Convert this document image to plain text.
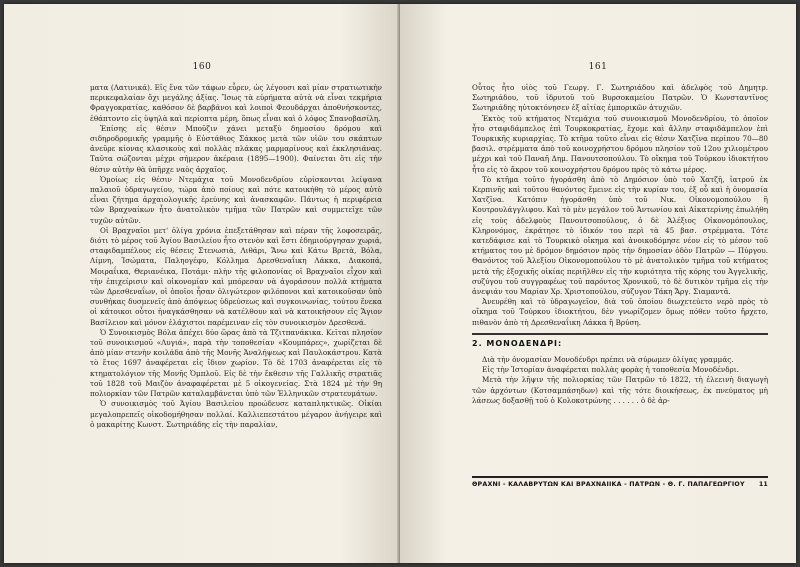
160

ματα (Λατινικά). Εἰς ἕνα τῶν τάφων εὗρεν, ὡς λέγουσι καὶ μίαν στρατιωτικὴν περικεφαλαίαν ὄχι μεγάλης ἀξίας. Ἴσως τὰ εὑρήματα αὐτὰ νὰ εἶναι τεκμήρια Φραγγοκρατίας, καθόσον δὲ βαρβάνοι καὶ λοιποὶ Φεουδάρχαι ἀποθνήσκοντες, ἐθάπτοντο εἰς ὑψηλὰ καὶ περίοπτα μέρη, ὅπως εἶναι καὶ ὁ λόφος Σπανοβασίλη.

Ἐπίσης εἰς θέσιν Μποῦζιν χάνει μεταξὺ δημοσίου δρόμου καὶ σιδηροδρομικῆς γραμμῆς ὁ Εὐστάθιος Σάκκος μετὰ τῶν υἱῶν του σκάπτων ἀνεῦρε κίονας κλασικοὺς καὶ πολλὰς πλάκας μαρμαρίνους καὶ ἐκκλησιάνας. Ταῦτα σώζονται μέχρι σήμερον ἀκέραια (1895—1900). Φαίνεται ὅτι εἰς τὴν θέσιν αὐτὴν θὰ ὑπῆρχε ναὸς ἀρχαῖος.

Ὁμοίως εἰς θέσιν Ντεμάχια τοῦ Μονοδενδρίου εὑρίσκονται λείψανα παλαιοῦ ὑδραγωγείου, τώρα ἀπὸ ποίους καὶ πότε κατοικήθη τὸ μέρος αὐτὸ εἶναι ζήτημα ἀρχαιολογικῆς ἐρεύνης καὶ ἀνασκαφῶν. Πάντως ἡ περιφέρεια τῶν Βραχναίκων ἦτο ἀνατολικὸν τμῆμα τῶν Πατρῶν καὶ συμμετεῖχε τῶν τυχῶν αὐτῶν.

Οἱ Βραχναῖοι μετ' ὀλίγα χρόνια ἐπεξετάθησαν καὶ πέραν τῆς λοφοσειρᾶς, διότι τὸ μέρος τοῦ Ἁγίου Βασιλείου ἦτο στενὸν καὶ ἔστι ἐδημιούργησαν χωριά, σταφιδαμπέλους εἰς θέσεις Στενωσιὰ, Λιθάρι, Ἄνω καὶ Κάτω Βρετὰ, Βόλα, Λίμνη, Ἰσώματα, Παληογέφυ, Κόλλημα Δρεσθεναΐικη Λάκκα, Διακοπά, Μοιραΐικα, Θεριανέικα, Ποτάμι· πλὴν τῆς φιλοπονίας οἱ Βραχναῖοι εἶχον καὶ τὴν ἐπιχείρισιν καὶ οἰκονομίαν καὶ μπόρεσαν νὰ ἀγοράσουν πολλὰ κτήματα τῶν Δρεσθεναΐων, οἱ ὁποῖοι ἦσαν ὀλιγώτερον φιλόπονοι καὶ κατοικοῦσαν ὑπὸ συνθήκας δυσμενεῖς ἀπὸ ἀπόψεως ὑδρεύσεως καὶ συγκοινωνίας, τούτου ἕνεκα οἱ κάτοικοι οὗτοι ἠναγκάσθησαν νὰ κατέλθουν καὶ νὰ κατοικήσουν εἰς Ἅγιον Βασίλειον καὶ μόνον ἐλάχιστοι παρέμειναν εἰς τὸν συνοικισμὸν Δρεσθενά.

Ὁ Συνοικισμὸς Βόλα ἀπέχει δύο ὥρας ἀπὸ τὰ Τζιτπανάκικα. Κεῖται πλησίον τοῦ συνοικισμοῦ «Λυγιά», παρὰ τὴν τοποθεσίαν «Κουμπάρες», χωρίζεται δὲ ἀπὸ μίαν στενὴν κοιλάδα ἀπὸ τῆς Μονῆς Ἀναλήψεως καὶ Παυλοκάστρου. Κατὰ τὸ ἔτος 1697 ἀναφέρεται εἰς ἴδιον χωρίον. Τὸ δὲ 1703 ἀναφέρεται εἰς τὸ κτηματολόγιον τῆς Μονῆς Ὀμπλοῦ. Εἰς δὲ τὴν ἔκθεσιν τῆς Γαλλικῆς στρατιᾶς τοῦ 1828 τοῦ Μαιζὸν ἀναφαφέρεται μὲ 5 οἰκογενείας. Στὰ 1824 μὲ τὴν 9η πολιορκίαν τῶν Πατρῶν καταλαμβάνεται ὑπὸ τῶν Ἑλληνικῶν στρατευμάτων.

Ὁ συνοικισμὸς τοῦ Ἁγίου Βασιλείου προώδευσε καταπληκτικῶς. Οἰκίαι μεγαλοπρεπεῖς οἰκοδομήθησαν πολλαί. Καλλιεπεστάτου μέγαρον ἀνήγειρε καὶ ὁ μακαρίτης Κωνστ. Σωτηριάδης εἰς τὴν παραλίαν,

161

Οὗτος ἦτο υἱὸς τοῦ Γεωργ. Γ. Σωτηριάδου καὶ ἀδελφὸς τοῦ Δημητρ. Σωτηριάδου, τοῦ ἱδρυτοῦ τοῦ Βυρσοκαμείου Πατρῶν. Ὁ Κωνσταντῖνος Σωτηριάδης ηὐτοκτόνησεν ἐξ αἰτίας ἐμπορικῶν ἀτυχιῶν.

Ἐκτὸς τοῦ κτήματος Ντεμάχια τοῦ συνοικισμοῦ Μονοδενδρίου, τὸ ὁποῖον ἦτο σταφιδάμπελος ἐπὶ Τουρκοκρατίας, ἔχομε καὶ ἄλλην σταφιδάμπελον ἐπὶ Τουρκικῆς κυριαρχίας. Τὸ κτῆμα τοῦτο εἶναι εἰς θέσιν Χατζῖνα περίπου 70—80 βασιλ. στρέμματα ἀπὸ τοῦ κοινοχρήστου δρόμου πλησίον τοῦ 12ου χιλιομέτρου μέχρι καὶ τοῦ Παναῆ Δημ. Πανουτσοπούλου. Τὸ οἴκημα τοῦ Τούρκου ἰδιοκτήτου ἦτο εἰς τὸ ἄκρον τοῦ κοινοχρήστου δρόμου πρὸς τὸ κάτω μέρος.

Τὸ κτῆμα τοῦτο ἠγοράσθη ἀπὸ τὸ Δημόσιον ὑπὸ τοῦ Χατζῆ, ἰατροῦ ἐκ Κερπινῆς καὶ τοῦτου θανόντος ἔμεινε εἰς τὴν κυρίαν του, ἐξ οὗ καὶ ἡ ὀνομασία Χατζῖνα. Κατόπιν ἠγοράσθη ὑπὸ τοῦ Νικ. Οἰκονομοπούλου ἢ Κουτρουλάγγλιφου. Καὶ τὸ μὲν μεγάλον τοῦ Ἀντωνίου καὶ Αἰκατερίνης ἐπωλήθη εἰς τοὺς ἀδελφοὺς Πανουτσοπούλους, ὁ δὲ Ἀλέξιος Οἰκονομόπουλος, Κληρονόμος, ἐκράτησε τὸ ἰδικόν του περὶ τὰ 45 βασ. στρέμματα. Τότε κατεδάφισε καὶ τὸ Τουρκικὸ οἴκημα καὶ ἀνοικοδόμησε νέον εἰς τὸ μέσον τοῦ κτήματος του μὲ δρόμον δημόσιον πρὸς τὴν δημοσίαν ὁδὸν Πατρῶν — Πύργου. Θανόντος τοῦ Ἀλεξίου Οἰκονομοπούλου τὸ μὲ ἀνατολικὸν τμῆμα τοῦ κτήματος μετὰ τῆς ἐξοχικῆς οἰκίας περιῆλθεν εἰς τὴν κυριότητα τῆς κόρης του Ἀγγελικῆς, συζύγου τοῦ συγγραφέως τοῦ παρόντος Χρονικοῦ, τὸ δὲ δυτικὸν τμῆμα εἰς τὴν ἀνεψιάν του Μαρίαν Χρ. Χριστοπούλου, σύζυγον Τάκη Ἄργ. Σιαμαντᾶ.

Ἀνευρέθη καὶ τὸ ὑδραγωγεῖον, διὰ τοῦ ὁποίου διωχετεύετο νερὸ πρὸς τὸ οἴκημα τοῦ Τούρκου ἰδιοκτήτου, δὲν γνωρίζομεν ὅμως πόθεν τοῦτο ἤρχετο, πιθανὸν ἀπὸ τὴ Δρεσθεναΐικη Λάκκα ἢ Βρύση.

2. ΜΟΝΟΔΕΝΔΡΙ:

Διὰ τὴν ὀνομασίαν Μονοδένδρι πρέπει νὰ σύρωμεν ὀλίγας γραμμάς.

Εἰς τὴν Ἱστορίαν ἀναφέρεται πολλὰς φορὰς ἡ τοποθεσία Μονοδένδρι.

Μετὰ τὴν λῆψιν τῆς πολιορκίας τῶν Πατρῶν τὸ 1822, τὴ ἑλεεινὴ διαγωγὴ τῶν ἀρχόντων (Κοτσαμπάσηδων) καὶ τῆς τότε διοικήσεως, ἐκ πνεύματος μὴ λάσεως δοξασθῇ τοῦ ὁ Κολοκοτρώνης . . . . . . ὁ δὲ ἀρ-

ΘΡΑΧΝΙ - ΚΑΛΑΒΡΥΤΩΝ ΚΑΙ ΒΡΑΧΝΑΙΙΚΑ - ΠΑΤΡΩΝ - Θ. Γ. ΠΑΠΑΓΕΩΡΓΙΟΥ 11
